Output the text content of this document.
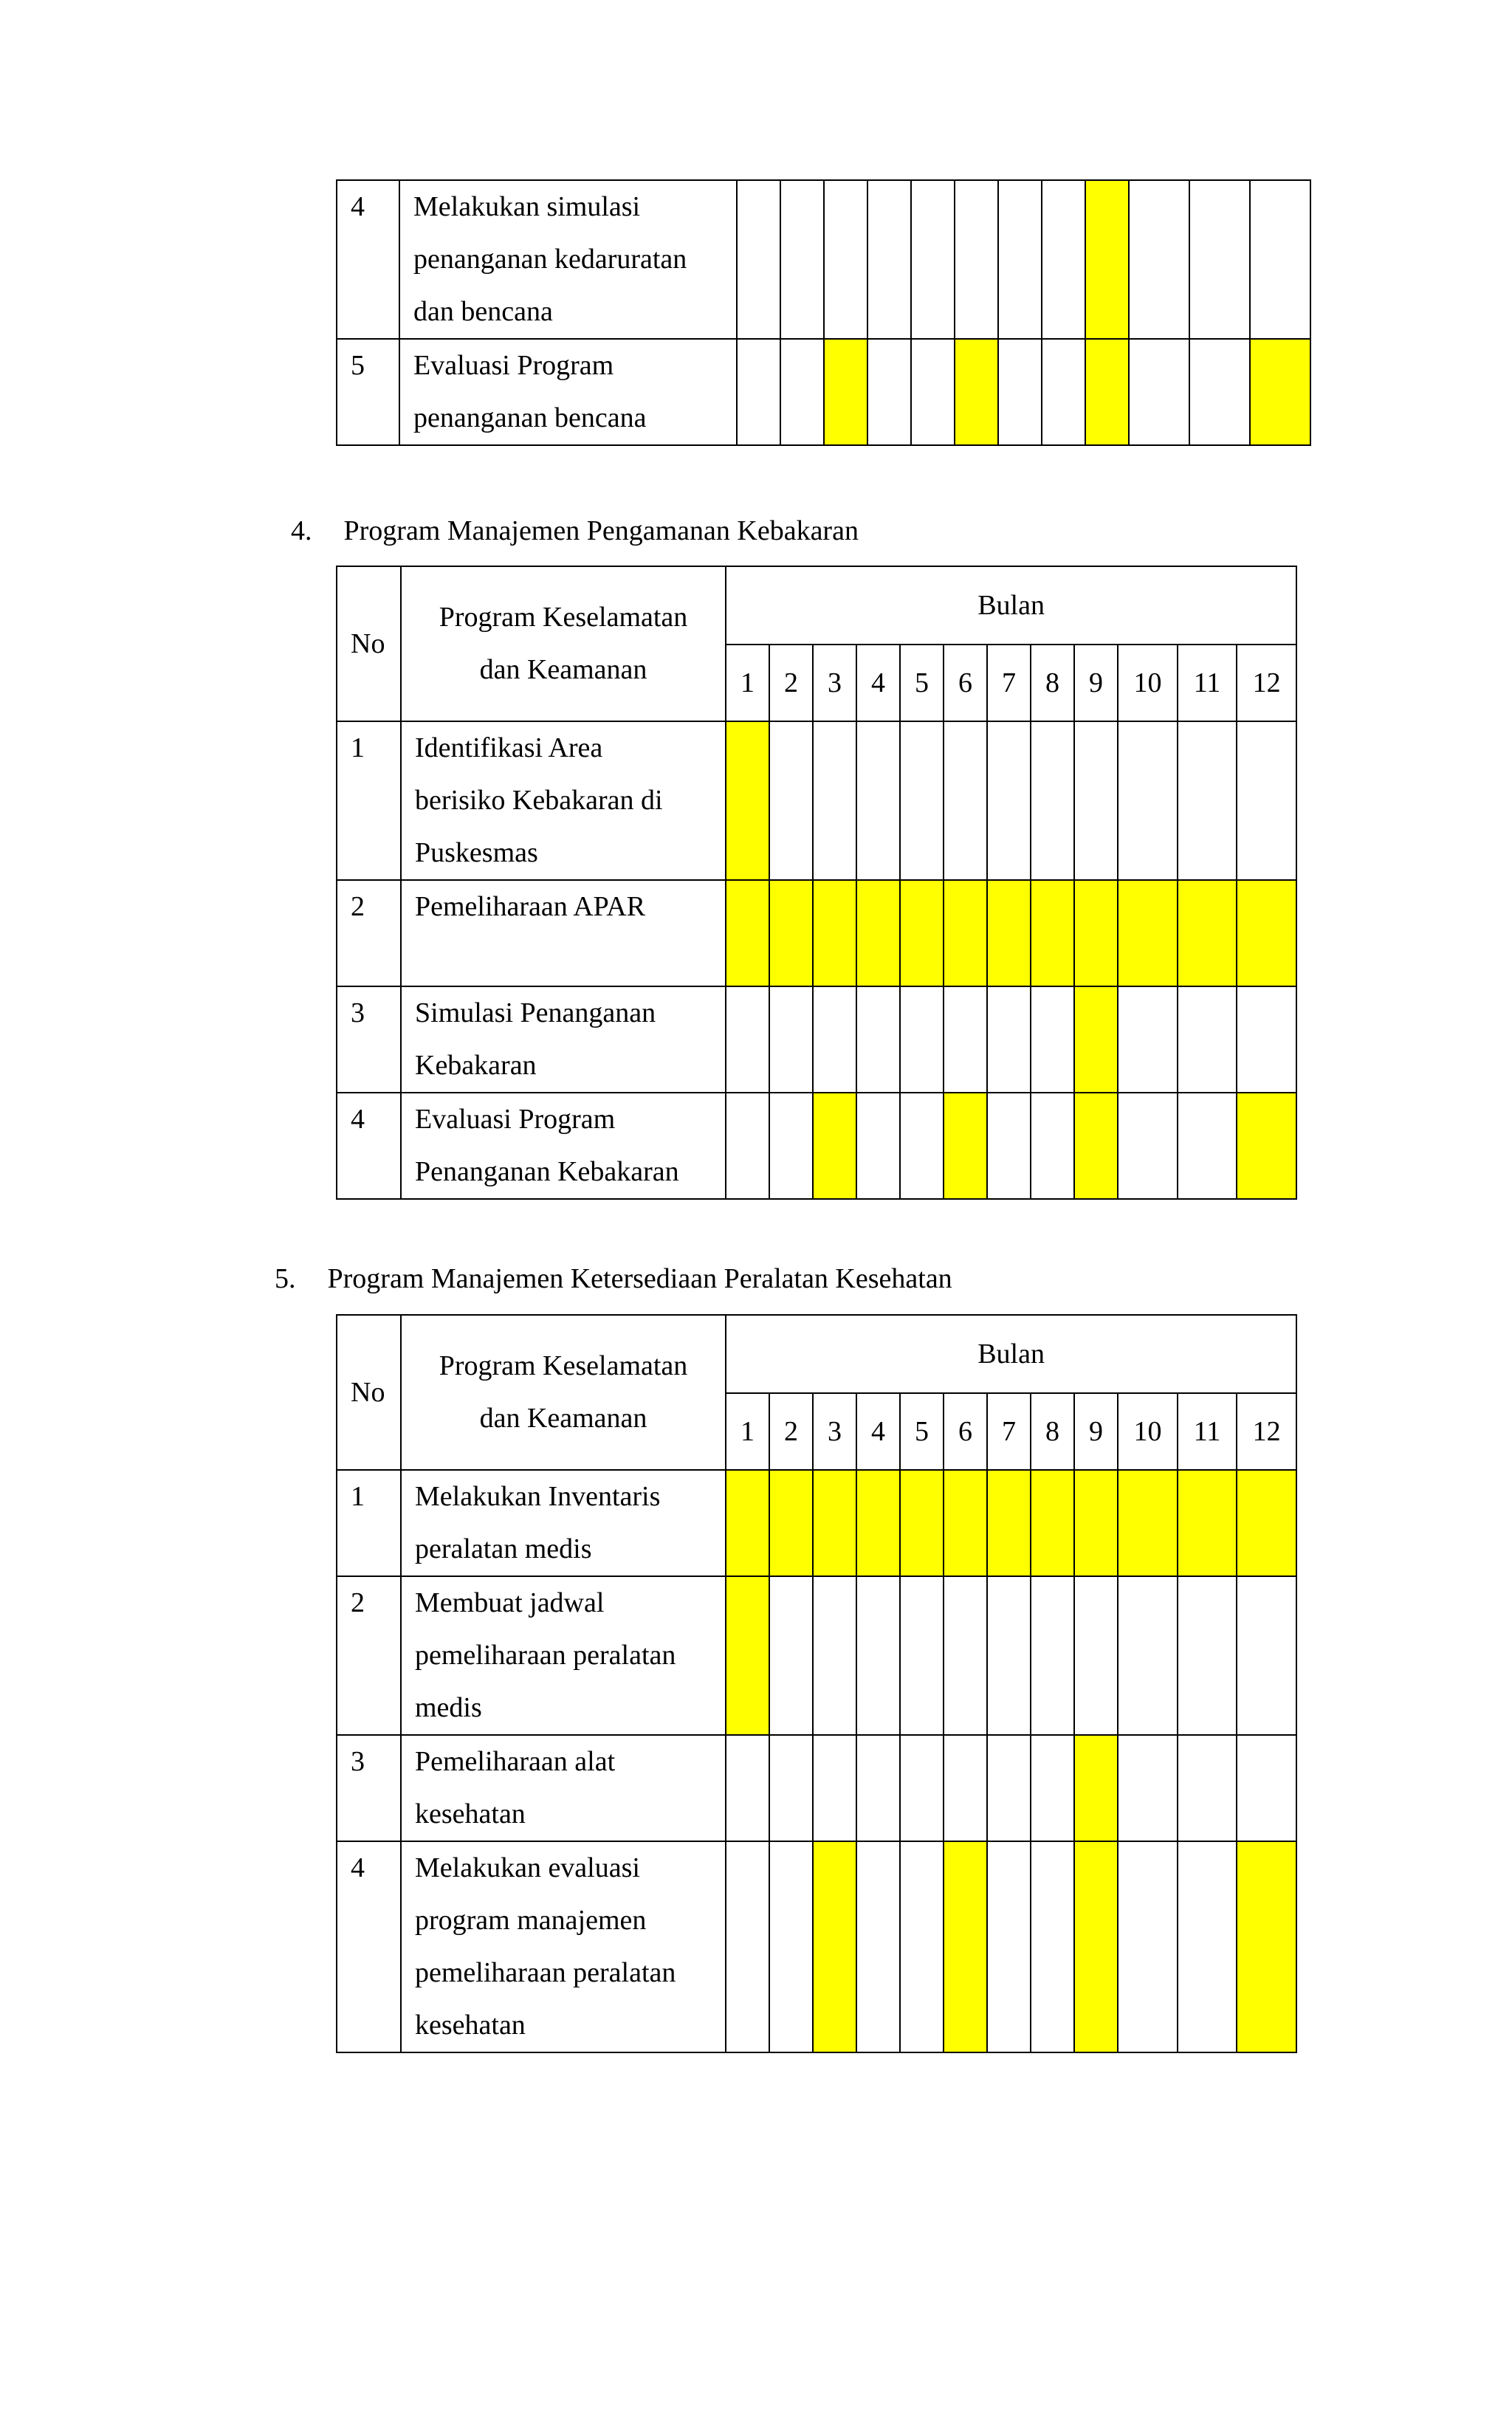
4	Melakukan simulasi
penanganan kedaruratan
dan bencana												

5	Evaluasi Program
penanganan bencana												

4. Program Manajemen Pengamanan Kebakaran
No	Program Keselamatan
dan Keamanan	Bulan											
		1	2	3	4	5	6	7	8	9	10	11	12
1	Identifikasi Area
berisiko Kebakaran di
Puskesmas												

2	Pemeliharaan APAR												

3	Simulasi Penanganan
Kebakaran												

4	Evaluasi Program
Penanganan Kebakaran												

5. Program Manajemen Ketersediaan Peralatan Kesehatan
No	Program Keselamatan
dan Keamanan	Bulan											
		1	2	3	4	5	6	7	8	9	10	11	12
1	Melakukan Inventaris
peralatan medis												

2	Membuat jadwal
pemeliharaan peralatan
medis												

3	Pemeliharaan alat
kesehatan												

4	Melakukan evaluasi
program manajemen
pemeliharaan peralatan
kesehatan												
